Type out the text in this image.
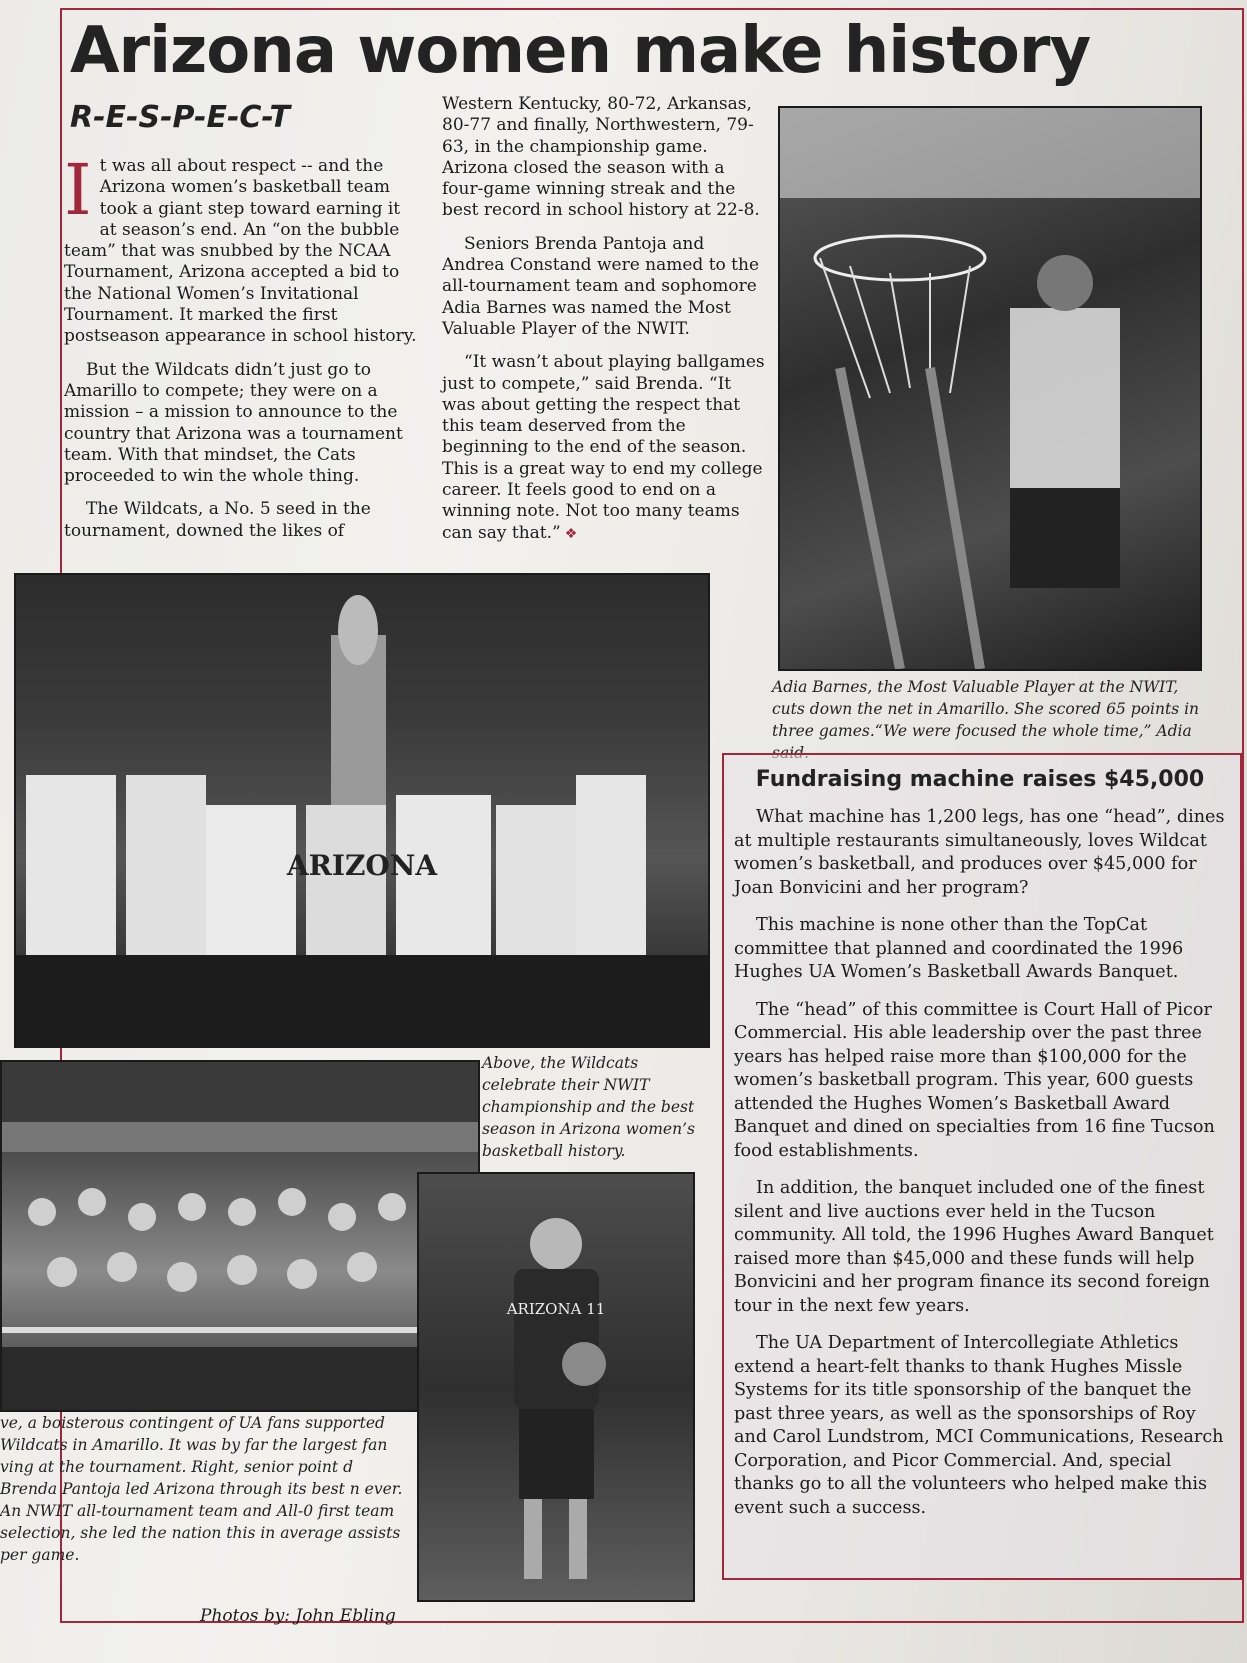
Arizona women make history
R-E-S-P-E-C-T

It was all about respect -- and the Arizona women’s basketball team took a giant step toward earning it at season’s end. An “on the bubble team” that was snubbed by the NCAA Tournament, Arizona accepted a bid to the National Women’s Invitational Tournament. It marked the first postseason appearance in school history.

But the Wildcats didn’t just go to Amarillo to compete; they were on a mission – a mission to announce to the country that Arizona was a tournament team. With that mindset, the Cats proceeded to win the whole thing.

The Wildcats, a No. 5 seed in the tournament, downed the likes of

Western Kentucky, 80-72, Arkansas, 80-77 and finally, Northwestern, 79-63, in the championship game. Arizona closed the season with a four-game winning streak and the best record in school history at 22-8.

Seniors Brenda Pantoja and Andrea Constand were named to the all-tournament team and sophomore Adia Barnes was named the Most Valuable Player of the NWIT.

“It wasn’t about playing ballgames just to compete,” said Brenda. “It was about getting the respect that this team deserved from the beginning to the end of the season. This is a great way to end my college career. It feels good to end on a winning note. Not too many teams can say that.” ❖

ARIZONA
Adia Barnes, the Most Valuable Player at the NWIT, cuts down the net in Amarillo. She scored 65 points in three games.“We were focused the whole time,” Adia
Above, the Wildcats celebrate their NWIT championship and the best season in Arizona women’s basketball history.
ARIZONA 11
ve, a boisterous contingent of UA fans supported Wildcats in Amarillo. It was by far the largest fan ving at the tournament. Right, senior point d Brenda Pantoja led Arizona through its best n ever. An NWIT all-tournament team and All-0 first team selection, she led the nation this in average assists per game.
Photos by: John Ebling
Fundraising machine raises $45,000

What machine has 1,200 legs, has one “head”, dines at multiple restaurants simultaneously, loves Wildcat women’s basketball, and produces over $45,000 for Joan Bonvicini and her program?

This machine is none other than the TopCat committee that planned and coordinated the 1996 Hughes UA Women’s Basketball Awards Banquet.

The “head” of this committee is Court Hall of Picor Commercial. His able leadership over the past three years has helped raise more than $100,000 for the women’s basketball program. This year, 600 guests attended the Hughes Women’s Basketball Award Banquet and dined on specialties from 16 fine Tucson food establishments.

In addition, the banquet included one of the finest silent and live auctions ever held in the Tucson community. All told, the 1996 Hughes Award Banquet raised more than $45,000 and these funds will help Bonvicini and her program finance its second foreign tour in the next few years.

The UA Department of Intercollegiate Athletics extend a heart-felt thanks to thank Hughes Missle Systems for its title sponsorship of the banquet the past three years, as well as the sponsorships of Roy and Carol Lundstrom, MCI Communications, Research Corporation, and Picor Commercial. And, special thanks go to all the volunteers who helped make this event such a success.
